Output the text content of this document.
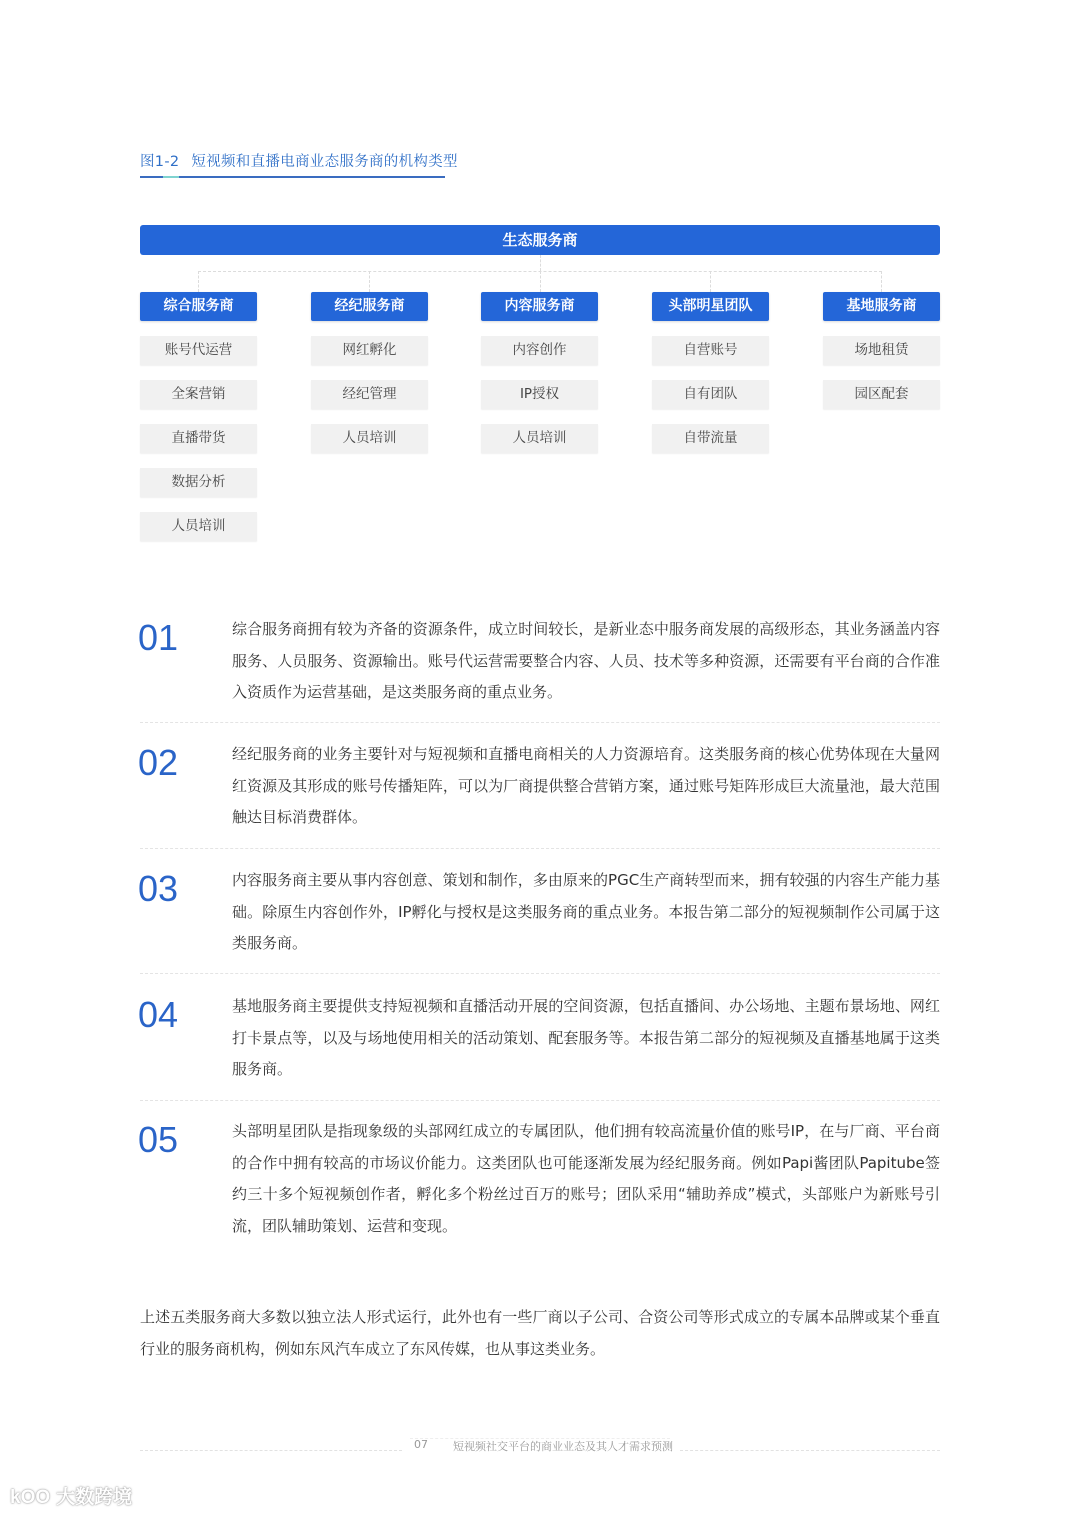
图1-2 短视频和直播电商业态服务商的机构类型
生态服务商
综合服务商
账号代运营
全案营销
直播带货
数据分析
人员培训
经纪服务商
网红孵化
经纪管理
人员培训
内容服务商
内容创作
IP授权
人员培训
头部明星团队
自营账号
自有团队
自带流量
基地服务商
场地租赁
园区配套
01	综合服务商拥有较为齐备的资源条件，成立时间较长，是新业态中服务商发展的高级形态，其业务涵盖内容服务、人员服务、资源输出。账号代运营需要整合内容、人员、技术等多种资源，还需要有平台商的合作准入资质作为运营基础，是这类服务商的重点业务。
02	经纪服务商的业务主要针对与短视频和直播电商相关的人力资源培育。这类服务商的核心优势体现在大量网红资源及其形成的账号传播矩阵，可以为厂商提供整合营销方案，通过账号矩阵形成巨大流量池，最大范围触达目标消费群体。
03	内容服务商主要从事内容创意、策划和制作，多由原来的PGC生产商转型而来，拥有较强的内容生产能力基础。除原生内容创作外，IP孵化与授权是这类服务商的重点业务。本报告第二部分的短视频制作公司属于这类服务商。
04	基地服务商主要提供支持短视频和直播活动开展的空间资源，包括直播间、办公场地、主题布景场地、网红打卡景点等，以及与场地使用相关的活动策划、配套服务等。本报告第二部分的短视频及直播基地属于这类服务商。
05	头部明星团队是指现象级的头部网红成立的专属团队，他们拥有较高流量价值的账号IP，在与厂商、平台商的合作中拥有较高的市场议价能力。这类团队也可能逐渐发展为经纪服务商。例如Papi酱团队Papitube签约三十多个短视频创作者，孵化多个粉丝过百万的账号；团队采用“辅助养成”模式，头部账户为新账号引流，团队辅助策划、运营和变现。
上述五类服务商大多数以独立法人形式运行，此外也有一些厂商以子公司、合资公司等形式成立的专属本品牌或某个垂直行业的服务商机构，例如东风汽车成立了东风传媒，也从事这类业务。
07 短视频社交平台的商业业态及其人才需求预测
kOO 大数跨境
